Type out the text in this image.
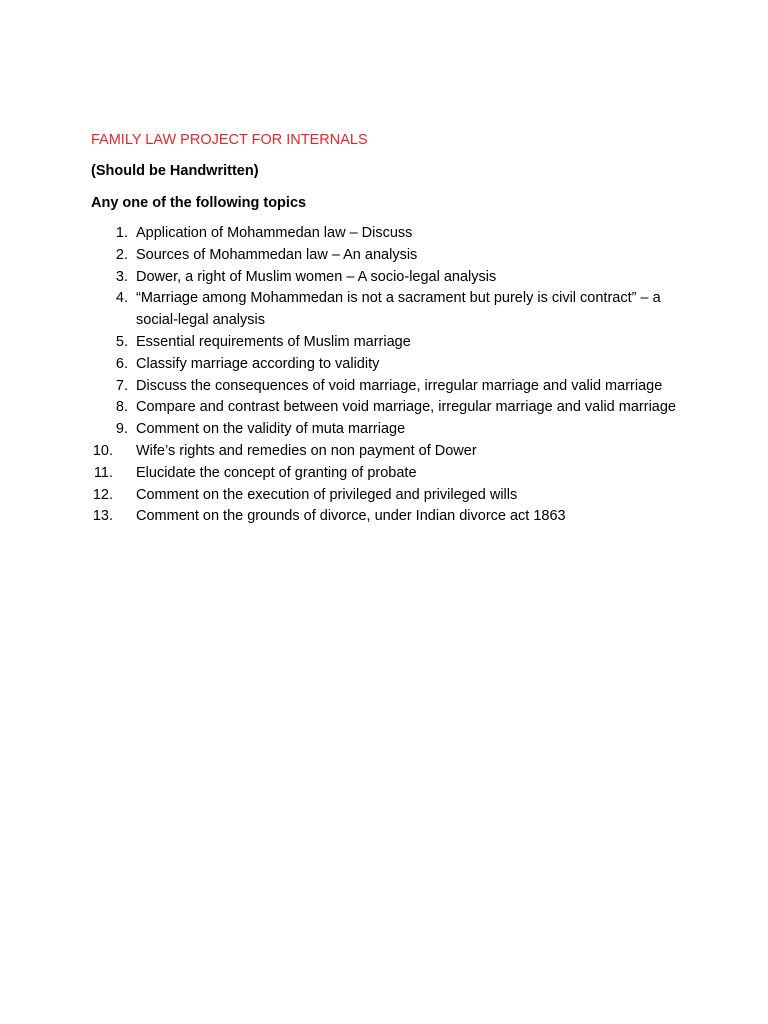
FAMILY LAW PROJECT FOR INTERNALS
(Should be Handwritten)
Any one of the following topics
1. Application of Mohammedan law – Discuss
2. Sources of Mohammedan law – An analysis
3. Dower, a right of Muslim women – A socio-legal analysis
4. “Marriage among Mohammedan is not a sacrament but purely is civil contract” – a social-legal analysis
5. Essential requirements of Muslim marriage
6. Classify marriage according to validity
7. Discuss the consequences of void marriage, irregular marriage and valid marriage
8. Compare and contrast between void marriage, irregular marriage and valid marriage
9. Comment on the validity of muta marriage
10. Wife’s rights and remedies on non payment of Dower
11. Elucidate the concept of granting of probate
12. Comment on the execution of privileged and privileged wills
13. Comment on the grounds of divorce, under Indian divorce act 1863
